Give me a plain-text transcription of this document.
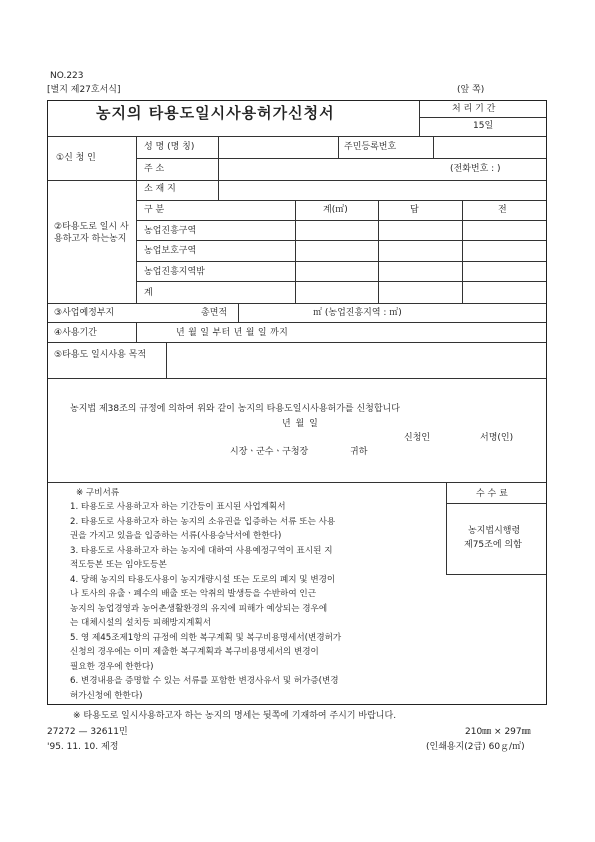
NO.223
[별지 제27호서식]	(앞 쪽)
농지의 타용도일시사용허가신청서	처 리 기 간
15일
①신 청 인
성 명 (명 칭)	주민등록번호
주 소	(전화번호 : )
②타용도로 일시 사용하고자 하는농지
소 재 지
구 분	계(㎡)	답	전
농업진흥구역
농업보호구역
농업진흥지역밖
계
③사업예정부지	총면적	㎡ (농업진흥지역 : ㎡)
④사용기간	년 월 일 부터 년 월 일 까지
⑤타용도 일시사용 목적
농지법 제38조의 규정에 의하여 위와 같이 농지의 타용도일시사용허가를 신청합니다
년 월 일
신청인	서명(인)
시장ㆍ군수ㆍ구청장	귀하
※ 구비서류
1. 타용도로 사용하고자 하는 기간등이 표시된 사업계획서
2. 타용도로 사용하고자 하는 농지의 소유권을 입증하는 서류 또는 사용
권을 가지고 있음을 입증하는 서류(사용승낙서에 한한다)
3. 타용도로 사용하고자 하는 농지에 대하여 사용예정구역이 표시된 지
적도등본 또는 임야도등본
4. 당해 농지의 타용도사용이 농지개량시설 또는 도로의 폐지 및 변경이
나 토사의 유출ㆍ폐수의 배출 또는 악취의 발생등을 수반하여 인근
농지의 농업경영과 농어촌생활환경의 유지에 피해가 예상되는 경우에
는 대체시설의 설치등 피해방지계획서
5. 영 제45조제1항의 규정에 의한 복구계획 및 복구비용명세서(변경허가
신청의 경우에는 이미 제출한 복구계획과 복구비용명세서의 변경이
필요한 경우에 한한다)
6. 변경내용을 증명할 수 있는 서류를 포함한 변경사유서 및 허가증(변경
허가신청에 한한다)
수 수 료
농지법시행령
제75조에 의함
※ 타용도로 일시사용하고자 하는 농지의 명세는 뒷쪽에 기재하여 주시기 바랍니다.
27272 — 32611민	210㎜ × 297㎜
'95. 11. 10. 제정	(인쇄용지(2급) 60ｇ/㎡)
